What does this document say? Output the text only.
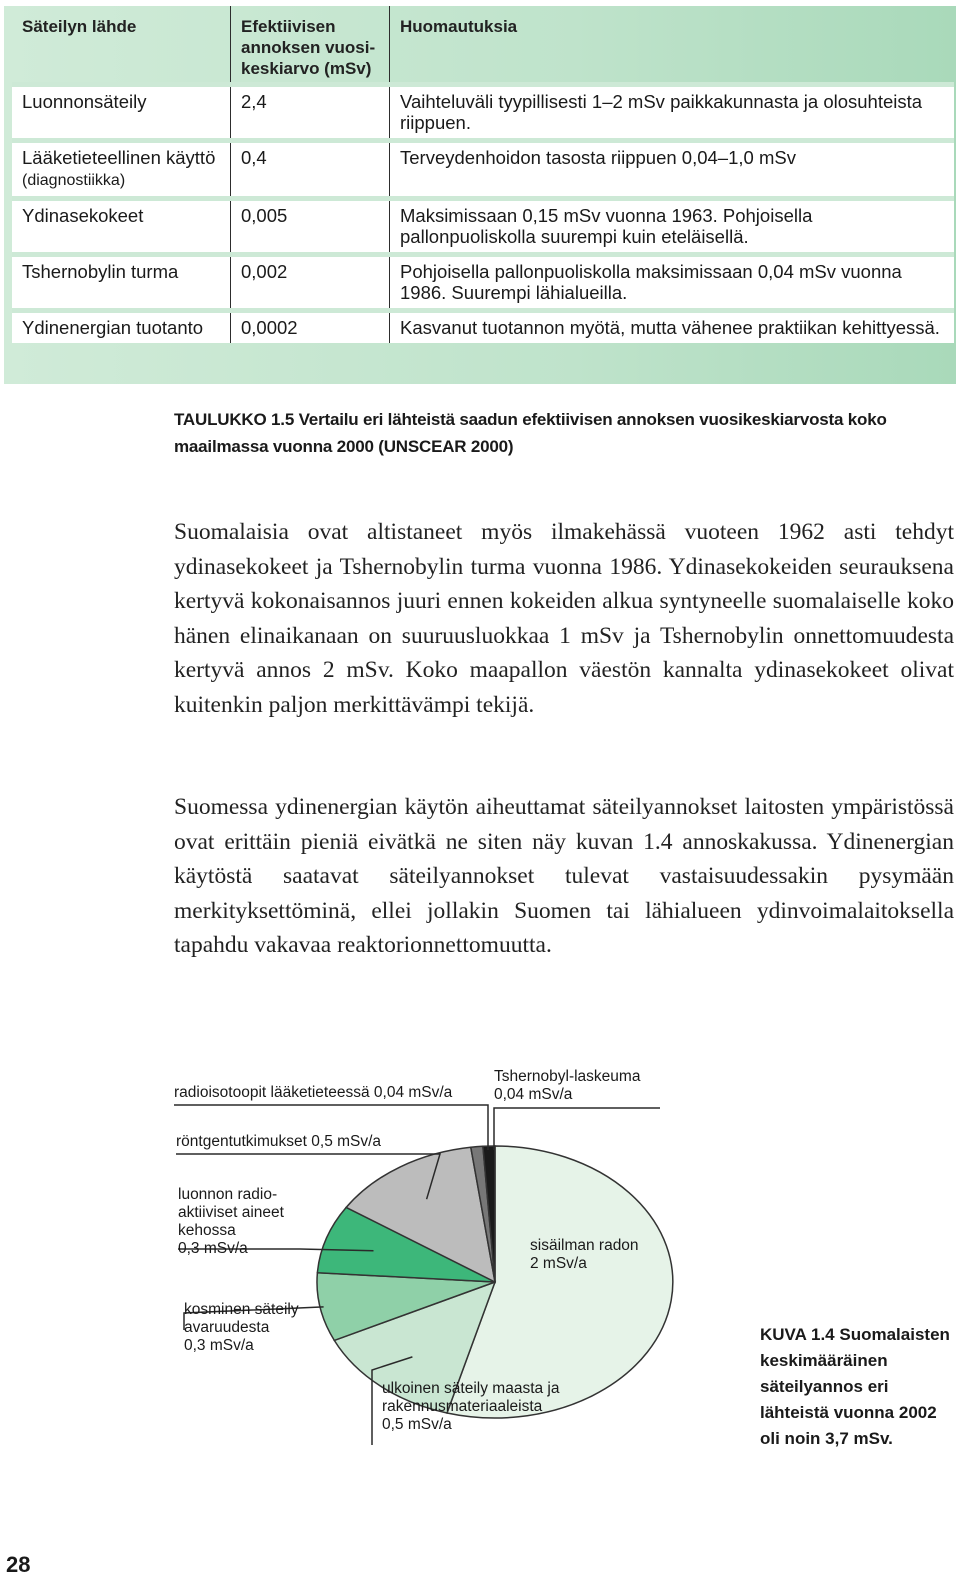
Säteilyn lähde	Efektiivisen annoksen vuosi-keskiarvo (mSv)	Huomautuksia
Luonnonsäteily	2,4	Vaihteluväli tyypillisesti 1–2 mSv paikkakunnasta ja olosuhteista riippuen.
Lääketieteellinen käyttö (diagnostiikka)	0,4	Terveydenhoidon tasosta riippuen 0,04–1,0 mSv
Ydinasekokeet	0,005	Maksimissaan 0,15 mSv vuonna 1963. Pohjoisella pallonpuoliskolla suurempi kuin eteläisellä.
Tshernobylin turma	0,002	Pohjoisella pallonpuoliskolla maksimissaan 0,04 mSv vuonna 1986. Suurempi lähialueilla.
Ydinenergian tuotanto	0,0002	Kasvanut tuotannon myötä, mutta vähenee praktiikan kehittyessä.
TAULUKKO 1.5 Vertailu eri lähteistä saadun efektiivisen annoksen vuosikeskiarvosta koko maailmassa vuonna 2000 (UNSCEAR 2000)
Suomalaisia ovat altistaneet myös ilmakehässä vuoteen 1962 asti tehdyt ydinasekokeet ja Tshernobylin turma vuonna 1986. Ydinasekokeiden seurauksena kertyvä kokonaisannos juuri ennen kokeiden alkua syntyneelle suomalaiselle koko hänen elinaikanaan on suuruusluokkaa 1 mSv ja Tshernobylin onnettomuudesta kertyvä annos 2 mSv. Koko maapallon väestön kannalta ydinasekokeet olivat kuitenkin paljon merkittävämpi tekijä.
Suomessa ydinenergian käytön aiheuttamat säteilyannokset laitosten ympäristössä ovat erittäin pieniä eivätkä ne siten näy kuvan 1.4 annoskakussa. Ydinenergian käytöstä saatavat säteilyannokset tulevat vastaisuudessakin pysymään merkityksettöminä, ellei jollakin Suomen tai lähialueen ydinvoimalaitoksella tapahdu vakavaa reaktorionnettomuutta.
sisäilman radon 2 mSv/a
ulkoinen säteily maasta ja rakennusmateriaaleista 0,5 mSv/a
kosminen säteily avaruudesta 0,3 mSv/a
luonnon radio-aktiiviset aineet kehossa 0,3 mSv/a
röntgentutkimukset 0,5 mSv/a
radioisotoopit lääketieteessä 0,04 mSv/a
Tshernobyl-laskeuma 0,04 mSv/a
KUVA 1.4 Suomalaisten keskimääräinen säteilyannos eri lähteistä vuonna 2002 oli noin 3,7 mSv.
28
